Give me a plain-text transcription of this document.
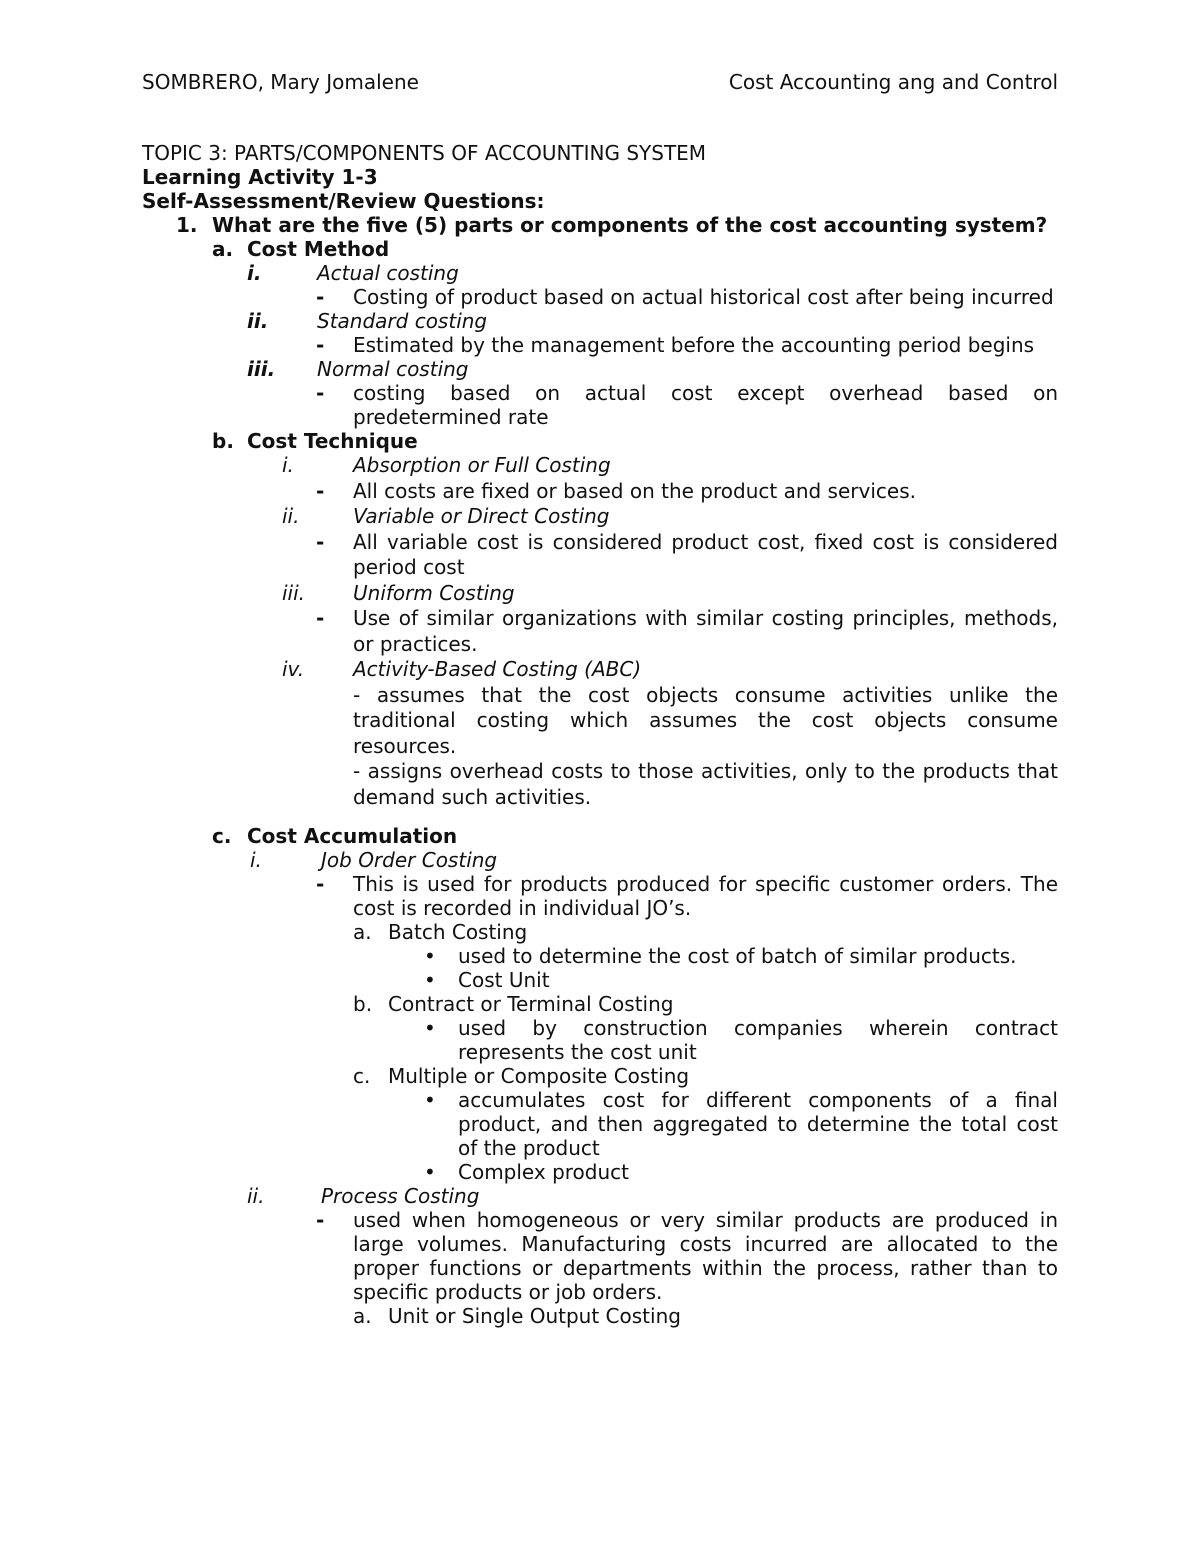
SOMBRERO, Mary Jomalene	Cost Accounting ang and Control
TOPIC 3: PARTS/COMPONENTS OF ACCOUNTING SYSTEM
Learning Activity 1-3
Self-Assessment/Review Questions:
1. What are the five (5) parts or components of the cost accounting system?
a. Cost Method
i.	Actual costing
- Costing of product based on actual historical cost after being incurred
ii. Standard costing
- Estimated by the management before the accounting period begins
iii. Normal costing
- costing based on actual cost except overhead based on predetermined rate
b. Cost Technique
i.	Absorption or Full Costing
- All costs are fixed or based on the product and services.
ii.	Variable or Direct Costing
- All variable cost is considered product cost, fixed cost is considered period cost
iii. Uniform Costing
- Use of similar organizations with similar costing principles, methods, or practices.
iv. Activity-Based Costing (ABC)
- assumes that the cost objects consume activities unlike the traditional costing which assumes the cost objects consume resources.
- assigns overhead costs to those activities, only to the products that demand such activities.
c. Cost Accumulation
i.	Job Order Costing
- This is used for products produced for specific customer orders. The cost is recorded in individual JO’s.
a. Batch Costing
• used to determine the cost of batch of similar products.
• Cost Unit
b. Contract or Terminal Costing
• used by construction companies wherein contract represents the cost unit
c. Multiple or Composite Costing
• accumulates cost for different components of a final product, and then aggregated to determine the total cost of the product
• Complex product
ii.	Process Costing
- used when homogeneous or very similar products are produced in large volumes. Manufacturing costs incurred are allocated to the proper functions or departments within the process, rather than to specific products or job orders.
a. Unit or Single Output Costing
